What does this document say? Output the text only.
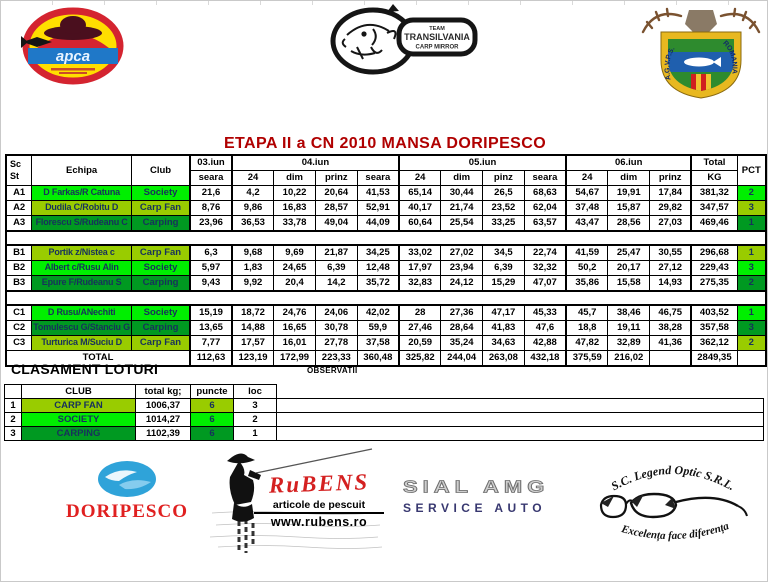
apca
TEAM
TRANSILVANIA
CARP MIRROR
A.G.V.P.S.
ROMANIA
ETAPA II a CN 2010 MANSA DORIPESCO
Sc
St	Echipa	Club	03.iun	04.iun				05.iun				06.iun			Total	PCT
			seara	24	dim	prinz	seara	24	dim	pinz	seara	24	dim	prinz	KG	
A1	D Farkas/R Catuna	Society	21,6	4,2	10,22	20,64	41,53	65,14	30,44	26,5	68,63	54,67	19,91	17,84	381,32	2
A2	Dudila C/Robitu D	Carp Fan	8,76	9,86	16,83	28,57	52,91	40,17	21,74	23,52	62,04	37,48	15,87	29,82	347,57	3
A3	Florescu S/Rudeanu C	Carping	23,96	36,53	33,78	49,04	44,09	60,64	25,54	33,25	63,57	43,47	28,56	27,03	469,46	1

B1	Portik z/Nistea c	Carp Fan	6,3	9,68	9,69	21,87	34,25	33,02	27,02	34,5	22,74	41,59	25,47	30,55	296,68	1
B2	Albert c/Rusu Alin	Society	5,97	1,83	24,65	6,39	12,48	17,97	23,94	6,39	32,32	50,2	20,17	27,12	229,43	3
B3	Epure F/Rudeanu S	Carping	9,43	9,92	20,4	14,2	35,72	32,83	24,12	15,29	47,07	35,86	15,58	14,93	275,35	2

C1	D Rusu/ANechiti	Society	15,19	18,72	24,76	24,06	42,02	28	27,36	47,17	45,33	45,7	38,46	46,75	403,52	1
C2	Tomulescu G/Stanciu G	Carping	13,65	14,88	16,65	30,78	59,9	27,46	28,64	41,83	47,6	18,8	19,11	38,28	357,58	3
C3	Turturica M/Suciu D	Carp Fan	7,77	17,57	16,01	27,78	37,58	20,59	35,24	34,63	42,88	47,82	32,89	41,36	362,12	2
TOTAL			112,63	123,19	172,99	223,33	360,48	325,82	244,04	263,08	432,18	375,59	216,02		2849,35	
CLASAMENT LOTURI	OBSERVATII
	CLUB	total kg;	puncte	loc	
1	CARP FAN	1006,37	6	3	
2	SOCIETY	1014,27	6	2	
3	CARPING	1102,39	6	1	
DORIPESCO
RuBENS
articole de pescuit
www.rubens.ro
SIAL AMG
SERVICE AUTO
S.C. Legend Optic S.R.L.
Excelența face diferența
